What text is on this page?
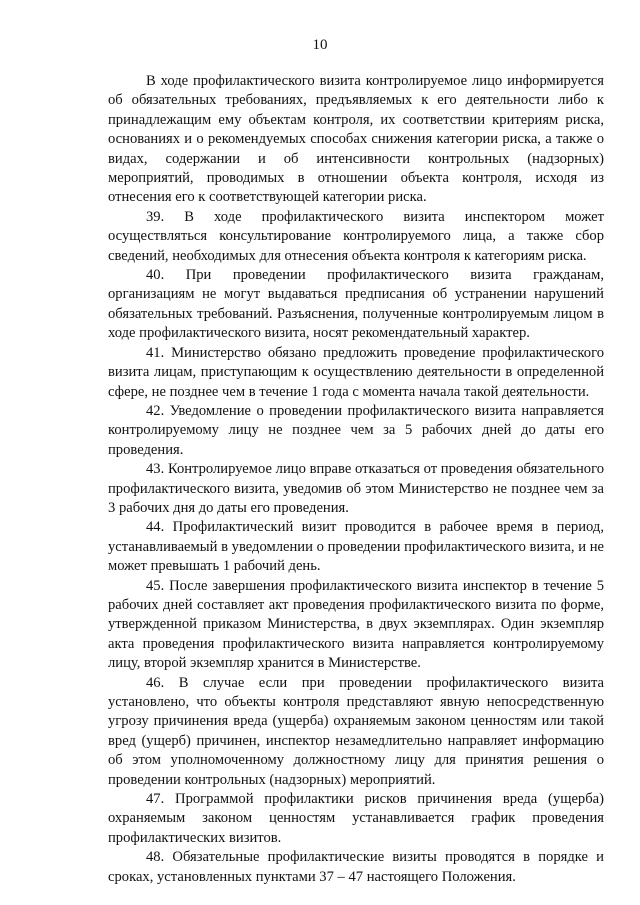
10

В ходе профилактического визита контролируемое лицо информируется об обязательных требованиях, предъявляемых к его деятельности либо к принадлежащим ему объектам контроля, их соответствии критериям риска, основаниях и о рекомендуемых способах снижения категории риска, а также о видах, содержании и об интенсивности контрольных (надзорных) мероприятий, проводимых в отношении объекта контроля, исходя из отнесения его к соответствующей категории риска.

39. В ходе профилактического визита инспектором может осуществляться консультирование контролируемого лица, а также сбор сведений, необходимых для отнесения объекта контроля к категориям риска.

40. При проведении профилактического визита гражданам, организациям не могут выдаваться предписания об устранении нарушений обязательных требований. Разъяснения, полученные контролируемым лицом в ходе профилактического визита, носят рекомендательный характер.

41. Министерство обязано предложить проведение профилактического визита лицам, приступающим к осуществлению деятельности в определенной сфере, не позднее чем в течение 1 года с момента начала такой деятельности.

42. Уведомление о проведении профилактического визита направляется контролируемому лицу не позднее чем за 5 рабочих дней до даты его проведения.

43. Контролируемое лицо вправе отказаться от проведения обязательного профилактического визита, уведомив об этом Министерство не позднее чем за 3 рабочих дня до даты его проведения.

44. Профилактический визит проводится в рабочее время в период, устанавливаемый в уведомлении о проведении профилактического визита, и не может превышать 1 рабочий день.

45. После завершения профилактического визита инспектор в течение 5 рабочих дней составляет акт проведения профилактического визита по форме, утвержденной приказом Министерства, в двух экземплярах. Один экземпляр акта проведения профилактического визита направляется контролируемому лицу, второй экземпляр хранится в Министерстве.

46. В случае если при проведении профилактического визита установлено, что объекты контроля представляют явную непосредственную угрозу причинения вреда (ущерба) охраняемым законом ценностям или такой вред (ущерб) причинен, инспектор незамедлительно направляет информацию об этом уполномоченному должностному лицу для принятия решения о проведении контрольных (надзорных) мероприятий.

47. Программой профилактики рисков причинения вреда (ущерба) охраняемым законом ценностям устанавливается график проведения профилактических визитов.

48. Обязательные профилактические визиты проводятся в порядке и сроках, установленных пунктами 37 – 47 настоящего Положения.
